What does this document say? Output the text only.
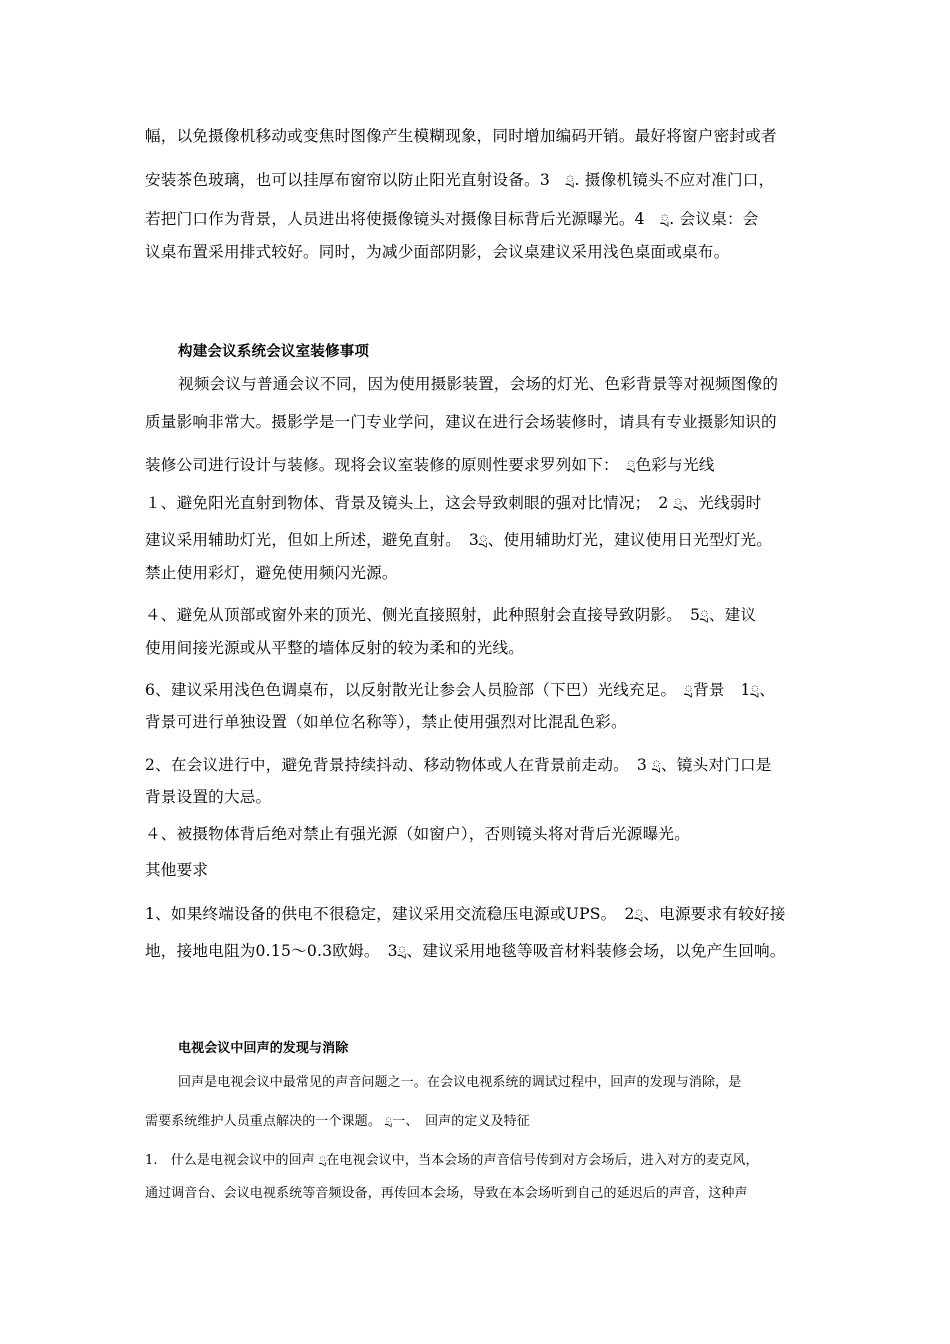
幅，以免摄像机移动或变焦时图像产生模糊现象，同时增加编码开销。最好将窗户密封或者
安装茶色玻璃，也可以挂厚布窗帘以防止阳光直射设备。3　ྲ. 摄像机镜头不应对准门口，
若把门口作为背景，人员进出将使摄像镜头对摄像目标背后光源曝光。4　ྲ. 会议桌：会
议桌布置采用排式较好。同时，为减少面部阴影，会议桌建议采用浅色桌面或桌布。
构建会议系统会议室装修事项
视频会议与普通会议不同，因为使用摄影装置，会场的灯光、色彩背景等对视频图像的
质量影响非常大。摄影学是一门专业学问，建议在进行会场装修时，请具有专业摄影知识的
装修公司进行设计与装修。现将会议室装修的原则性要求罗列如下：　ྲ色彩与光线
１、避免阳光直射到物体、背景及镜头上，这会导致刺眼的强对比情况；　2 ྲ、光线弱时
建议采用辅助灯光，但如上所述，避免直射。　3ྲ、使用辅助灯光，建议使用日光型灯光。
禁止使用彩灯，避免使用频闪光源。
４、避免从顶部或窗外来的顶光、侧光直接照射，此种照射会直接导致阴影。　5ྲ、建议
使用间接光源或从平整的墙体反射的较为柔和的光线。
6、建议采用浅色色调桌布，以反射散光让参会人员脸部（下巴）光线充足。　ྲ背景　1ྲ、
背景可进行单独设置（如单位名称等），禁止使用强烈对比混乱色彩。
2、在会议进行中，避免背景持续抖动、移动物体或人在背景前走动。　3 ྲ、镜头对门口是
背景设置的大忌。
４、被摄物体背后绝对禁止有强光源（如窗户），否则镜头将对背后光源曝光。
其他要求
1、如果终端设备的供电不很稳定，建议采用交流稳压电源或UPS。　2ྲ、电源要求有较好接
地，接地电阻为0.15～0.3欧姆。　3ྲ、建议采用地毯等吸音材料装修会场，以免产生回响。
电视会议中回声的发现与消除
回声是电视会议中最常见的声音问题之一。在会议电视系统的调试过程中，回声的发现与消除，是
需要系统维护人员重点解决的一个课题。 ྲ一、　回声的定义及特征
1.　什么是电视会议中的回声 ྲ在电视会议中，当本会场的声音信号传到对方会场后，进入对方的麦克风，
通过调音台、会议电视系统等音频设备，再传回本会场，导致在本会场听到自己的延迟后的声音，这种声
